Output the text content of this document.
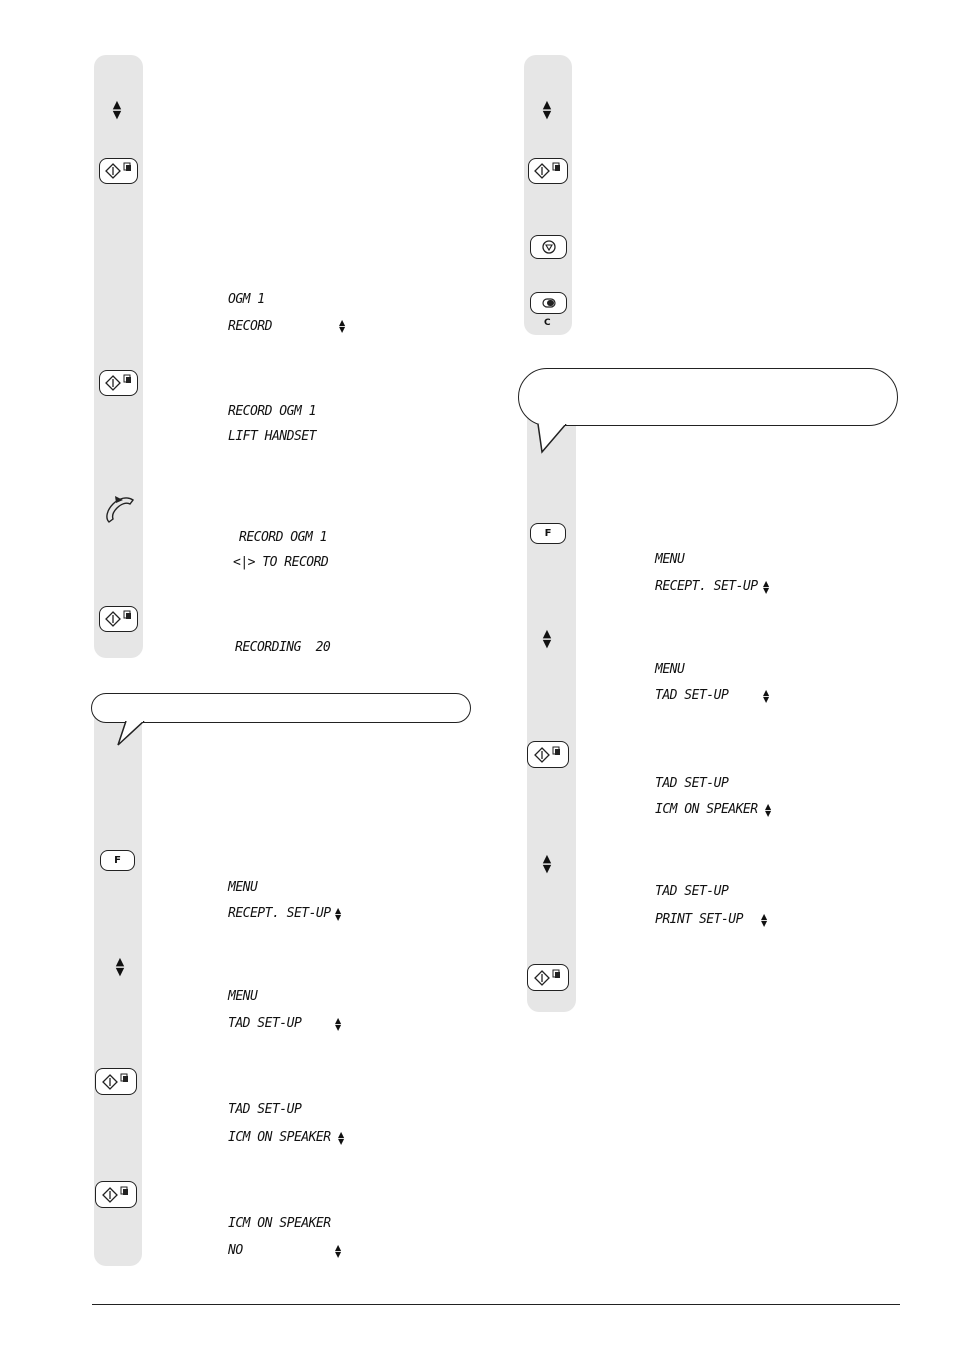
▲
▼
OGM 1
RECORD	▲
▼
RECORD OGM 1
LIFT HANDSET
RECORD OGM 1
<|> TO RECORD
RECORDING  20
▲
▼
C
F
▲
▼
▲
▼
MENU
RECEPT. SET-UP ▲
▼
MENU
TAD SET-UP	▲
▼
TAD SET-UP
ICM ON SPEAKER ▲
▼
TAD SET-UP
PRINT SET-UP ▲
▼
F
▲
▼
MENU
RECEPT. SET-UP ▲
▼
MENU
TAD SET-UP	▲
▼
TAD SET-UP
ICM ON SPEAKER ▲
▼
ICM ON SPEAKER
NO	▲
▼
